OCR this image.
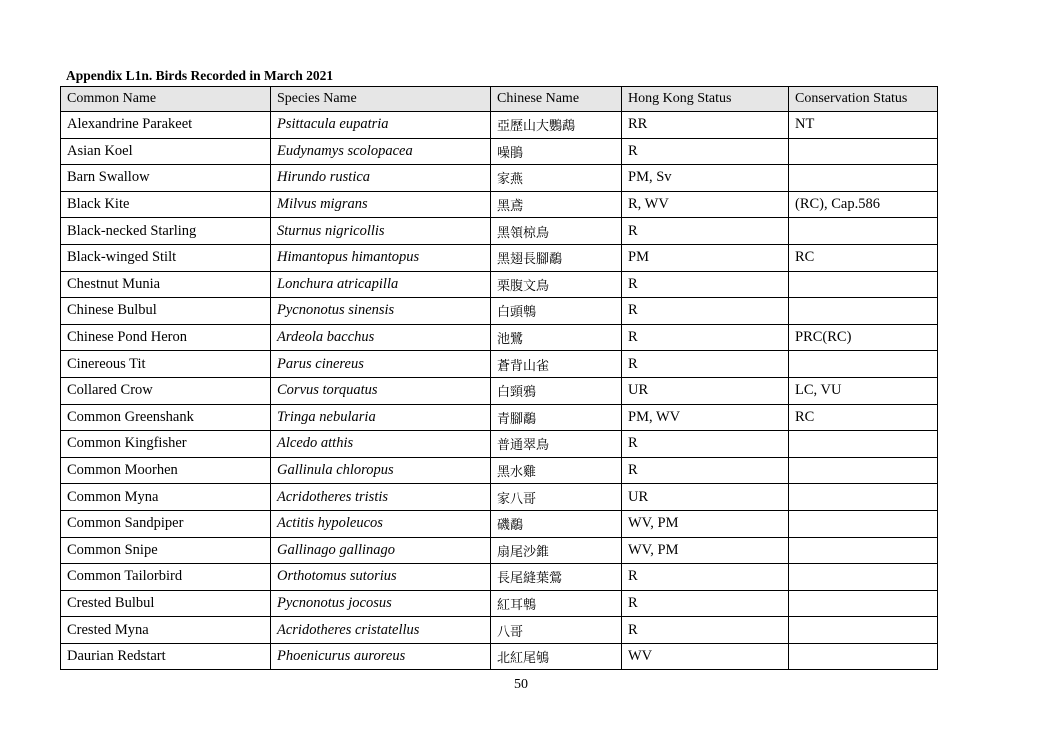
Appendix L1n. Birds Recorded in March 2021
Common Name	Species Name	Chinese Name	Hong Kong Status	Conservation Status
Alexandrine Parakeet	Psittacula eupatria	亞歷山大鸚鵡	RR	NT
Asian Koel	Eudynamys scolopacea	噪鵑	R	
Barn Swallow	Hirundo rustica	家燕	PM, Sv	
Black Kite	Milvus migrans	黑鳶	R, WV	(RC), Cap.586
Black-necked Starling	Sturnus nigricollis	黑領椋鳥	R	
Black-winged Stilt	Himantopus himantopus	黑翅長腳鷸	PM	RC
Chestnut Munia	Lonchura atricapilla	栗腹文鳥	R	
Chinese Bulbul	Pycnonotus sinensis	白頭鵯	R	
Chinese Pond Heron	Ardeola bacchus	池鷺	R	PRC(RC)
Cinereous Tit	Parus cinereus	蒼背山雀	R	
Collared Crow	Corvus torquatus	白頸鴉	UR	LC, VU
Common Greenshank	Tringa nebularia	青腳鷸	PM, WV	RC
Common Kingfisher	Alcedo atthis	普通翠鳥	R	
Common Moorhen	Gallinula chloropus	黑水雞	R	
Common Myna	Acridotheres tristis	家八哥	UR	
Common Sandpiper	Actitis hypoleucos	磯鷸	WV, PM	
Common Snipe	Gallinago gallinago	扇尾沙錐	WV, PM	
Common Tailorbird	Orthotomus sutorius	長尾縫葉鶯	R	
Crested Bulbul	Pycnonotus jocosus	紅耳鵯	R	
Crested Myna	Acridotheres cristatellus	八哥	R	
Daurian Redstart	Phoenicurus auroreus	北紅尾鴝	WV	
50
